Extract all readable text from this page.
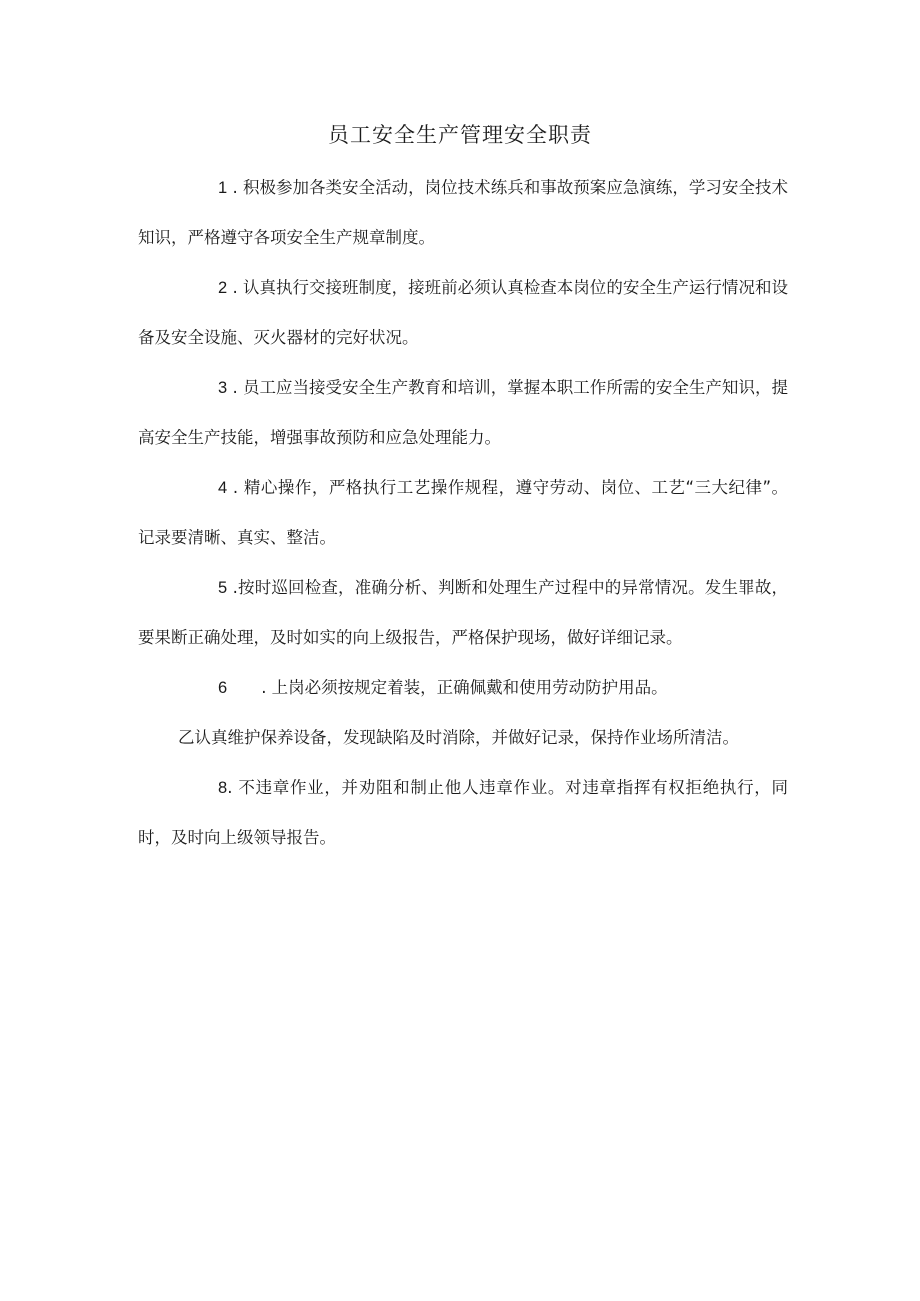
员工安全生产管理安全职责

1 . 积极参加各类安全活动，岗位技术练兵和事故预案应急演练，学习安全技术知识，严格遵守各项安全生产规章制度。

2 . 认真执行交接班制度，接班前必须认真检查本岗位的安全生产运行情况和设备及安全设施、灭火器材的完好状况。

3 . 员工应当接受安全生产教育和培训，掌握本职工作所需的安全生产知识，提高安全生产技能，增强事故预防和应急处理能力。

4 . 精心操作，严格执行工艺操作规程，遵守劳动、岗位、工艺“三大纪律”。记录要清晰、真实、整洁。

5 .按时巡回检查，准确分析、判断和处理生产过程中的异常情况。发生罪故，要果断正确处理，及时如实的向上级报告，严格保护现场，做好详细记录。

6 . 上岗必须按规定着装，正确佩戴和使用劳动防护用品。

乙认真维护保养设备，发现缺陷及时消除，并做好记录，保持作业场所清洁。

8. 不违章作业，并劝阻和制止他人违章作业。对违章指挥有权拒绝执行，同时，及时向上级领导报告。
